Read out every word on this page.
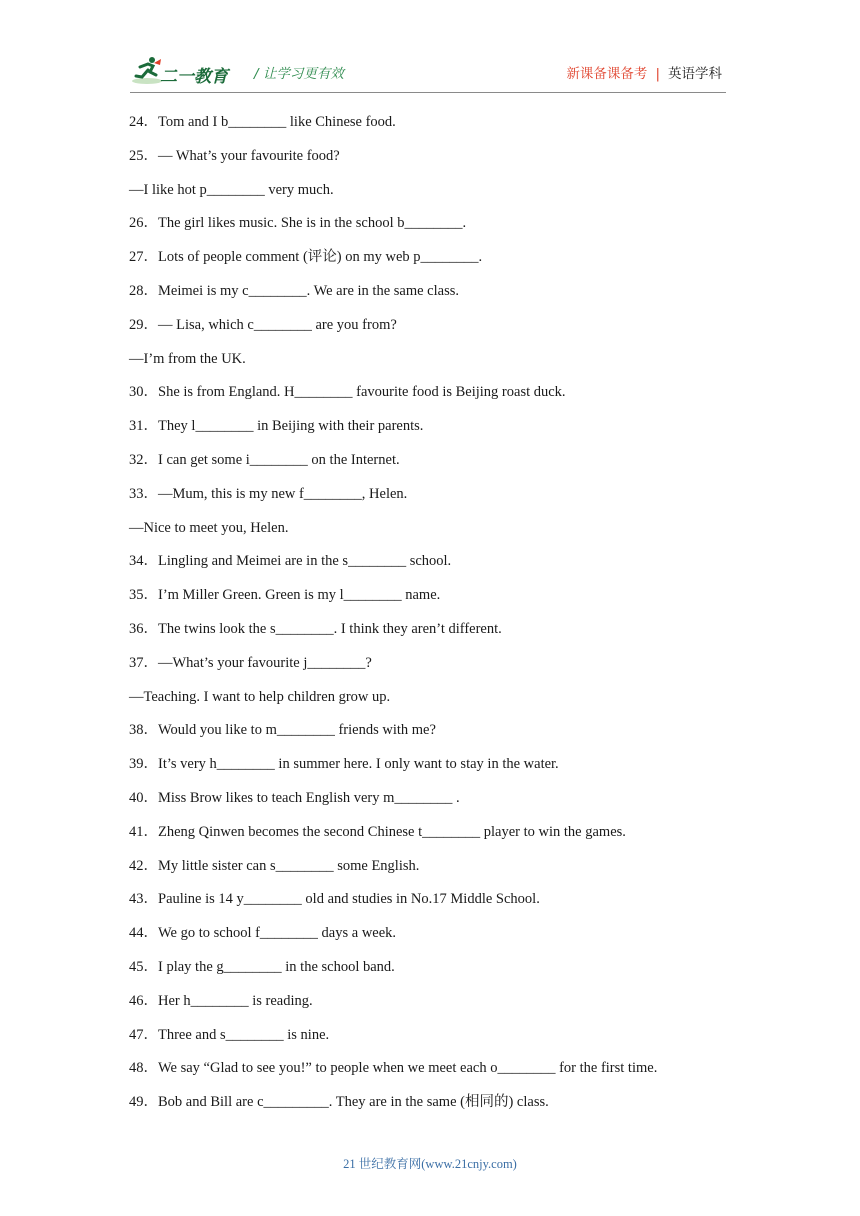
二一教育 / 让学习更有效	新课备课备考 | 英语学科
24．Tom and I b________ like Chinese food.
25．— What’s your favourite food?
—I like hot p________ very much.
26．The girl likes music. She is in the school b________.
27．Lots of people comment (评论) on my web p________.
28．Meimei is my c________. We are in the same class.
29．— Lisa, which c________ are you from?
—I’m from the UK.
30．She is from England. H________ favourite food is Beijing roast duck.
31．They l________ in Beijing with their parents.
32．I can get some i________ on the Internet.
33．—Mum, this is my new f________, Helen.
—Nice to meet you, Helen.
34．Lingling and Meimei are in the s________ school.
35．I’m Miller Green. Green is my l________ name.
36．The twins look the s________. I think they aren’t different.
37．—What’s your favourite j________?
—Teaching. I want to help children grow up.
38．Would you like to m________ friends with me?
39．It’s very h________ in summer here. I only want to stay in the water.
40．Miss Brow likes to teach English very m________ .
41．Zheng Qinwen becomes the second Chinese t________ player to win the games.
42．My little sister can s________ some English.
43．Pauline is 14 y________ old and studies in No.17 Middle School.
44．We go to school f________ days a week.
45．I play the g________ in the school band.
46．Her h________ is reading.
47．Three and s________ is nine.
48．We say “Glad to see you!” to people when we meet each o________ for the first time.
49．Bob and Bill are c_________. They are in the same (相同的) class.
21 世纪教育网(www.21cnjy.com)
